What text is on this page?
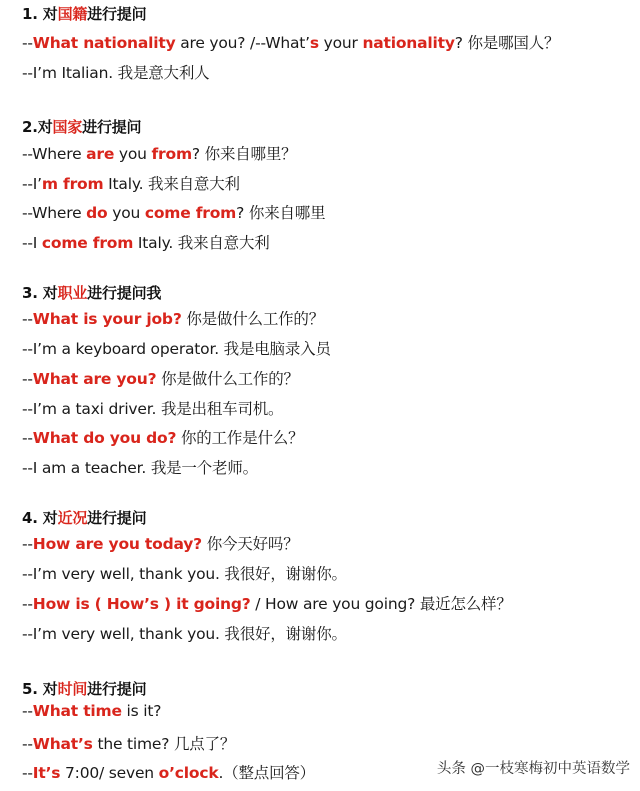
1. 对国籍进行提问
--What nationality are you? /--What’s your nationality? 你是哪国人？
--I’m Italian. 我是意大利人
2.对国家进行提问
--Where are you from? 你来自哪里？
--I’m from Italy. 我来自意大利
--Where do you come from? 你来自哪里
--I come from Italy. 我来自意大利
3. 对职业进行提问我
--What is your job? 你是做什么工作的？
--I’m a keyboard operator. 我是电脑录入员
--What are you? 你是做什么工作的？
--I’m a taxi driver. 我是出租车司机。
--What do you do? 你的工作是什么？
--I am a teacher. 我是一个老师。
4. 对近况进行提问
--How are you today? 你今天好吗？
--I’m very well, thank you. 我很好，谢谢你。
--How is ( How’s ) it going? / How are you going? 最近怎么样？
--I’m very well, thank you. 我很好，谢谢你。
5. 对时间进行提问
--What time is it?
--What’s the time? 几点了？
--It’s 7:00/ seven o’clock.（整点回答）	头条 @一枝寒梅初中英语数学
